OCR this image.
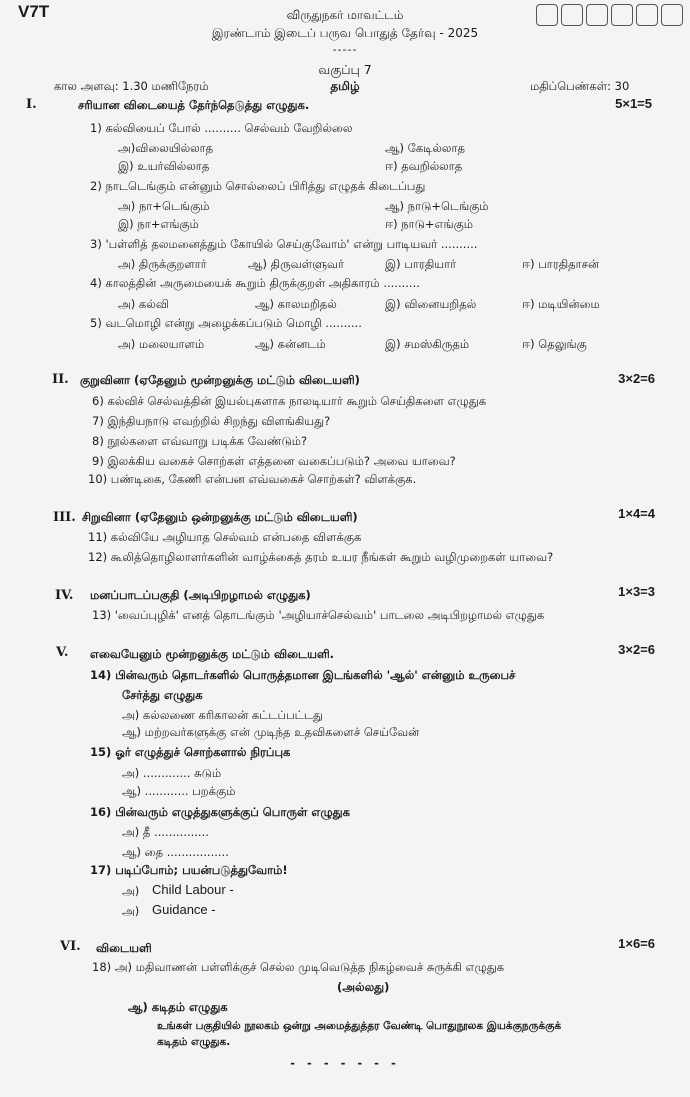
V7T	விருதுநகர் மாவட்டம்
இரண்டாம் இடைப் பருவ பொதுத் தேர்வு - 2025
-----
வகுப்பு 7
தமிழ்
கால அளவு: 1.30 மணிநேரம்	மதிப்பெண்கள்: 30
I.	சரியான விடையைத் தேர்ந்தெடுத்து எழுதுக.	5×1=5
1) கல்வியைப் போல் .......... செல்வம் வேறில்லை
அ)விலையில்லாத	ஆ) கேடில்லாத
இ) உயர்வில்லாத	ஈ) தவறில்லாத
2) நாடடெங்கும் என்னும் சொல்லைப் பிரித்து எழுதக் கிடைப்பது
அ) நா+டெங்கும்	ஆ) நாடு+டெங்கும்
இ) நா+எங்கும்	ஈ) நாடு+எங்கும்
3) 'பள்ளித் தலமனைத்தும் கோயில் செய்குவோம்' என்று பாடியவர் ..........
அ) திருக்குறளார்	ஆ) திருவள்ளுவர்	இ) பாரதியார்	ஈ) பாரதிதாசன்
4) காலத்தின் அருமையைக் கூறும் திருக்குறள் அதிகாரம் ..........
அ) கல்வி	ஆ) காலமறிதல்	இ) வினையறிதல்	ஈ) மடியின்மை
5) வடமொழி என்று அழைக்கப்படும் மொழி ..........
அ) மலையாளம்	ஆ) கன்னடம்	இ) சமஸ்கிருதம்	ஈ) தெலுங்கு
II. குறுவினா (ஏதேனும் மூன்றனுக்கு மட்டும் விடையளி)	3×2=6
6) கல்விச் செல்வத்தின் இயல்புகளாக நாலடியார் கூறும் செய்திகளை எழுதுக
7) இந்தியநாடு எவற்றில் சிறந்து விளங்கியது?
8) நூல்களை எவ்வாறு படிக்க வேண்டும்?
9) இலக்கிய வகைச் சொற்கள் எத்தனை வகைப்படும்? அவை யாவை?
10) பண்டிகை, கேணி என்பன எவ்வகைச் சொற்கள்? விளக்குக.
III. சிறுவினா (ஏதேனும் ஒன்றனுக்கு மட்டும் விடையளி)	1×4=4
11) கல்வியே அழியாத செல்வம் என்பதை விளக்குக
12) கூலித்தொழிலாளர்களின் வாழ்க்கைத் தரம் உயர நீங்கள் கூறும் வழிமுறைகள் யாவை?
IV. மனப்பாடப்பகுதி (அடிபிறழாமல் எழுதுக)	1×3=3
13) 'வைப்புழிக்' எனத் தொடங்கும் 'அழியாச்செல்வம்' பாடலை அடிபிறழாமல் எழுதுக
V. எவையேனும் மூன்றனுக்கு மட்டும் விடையளி.	3×2=6
14) பின்வரும் தொடர்களில் பொருத்தமான இடங்களில் 'ஆல்' என்னும் உருபைச்
சேர்த்து எழுதுக
அ) கல்லணை கரிகாலன் கட்டப்பட்டது
ஆ) மற்றவர்களுக்கு என் முடிந்த உதவிகளைச் செய்வேன்
15) ஓர் எழுத்துச் சொற்களால் நிரப்புக
அ) ............. சுடும்
ஆ) ............ பறக்கும்
16) பின்வரும் எழுத்துகளுக்குப் பொருள் எழுதுக
அ) தீ ...............
ஆ) தை .................
17) படிப்போம்; பயன்படுத்துவோம்!
அ) Child Labour -
அ) Guidance -
VI. விடையளி	1×6=6
18) அ) மதிவாணன் பள்ளிக்குச் செல்ல முடிவெடுத்த நிகழ்வைச் சுருக்கி எழுதுக
(அல்லது)
ஆ) கடிதம் எழுதுக
உங்கள் பகுதியில் நூலகம் ஒன்று அமைத்துத்தர வேண்டி பொதுநூலக இயக்குநருக்குக்
கடிதம் எழுதுக.
- - - - - - -
